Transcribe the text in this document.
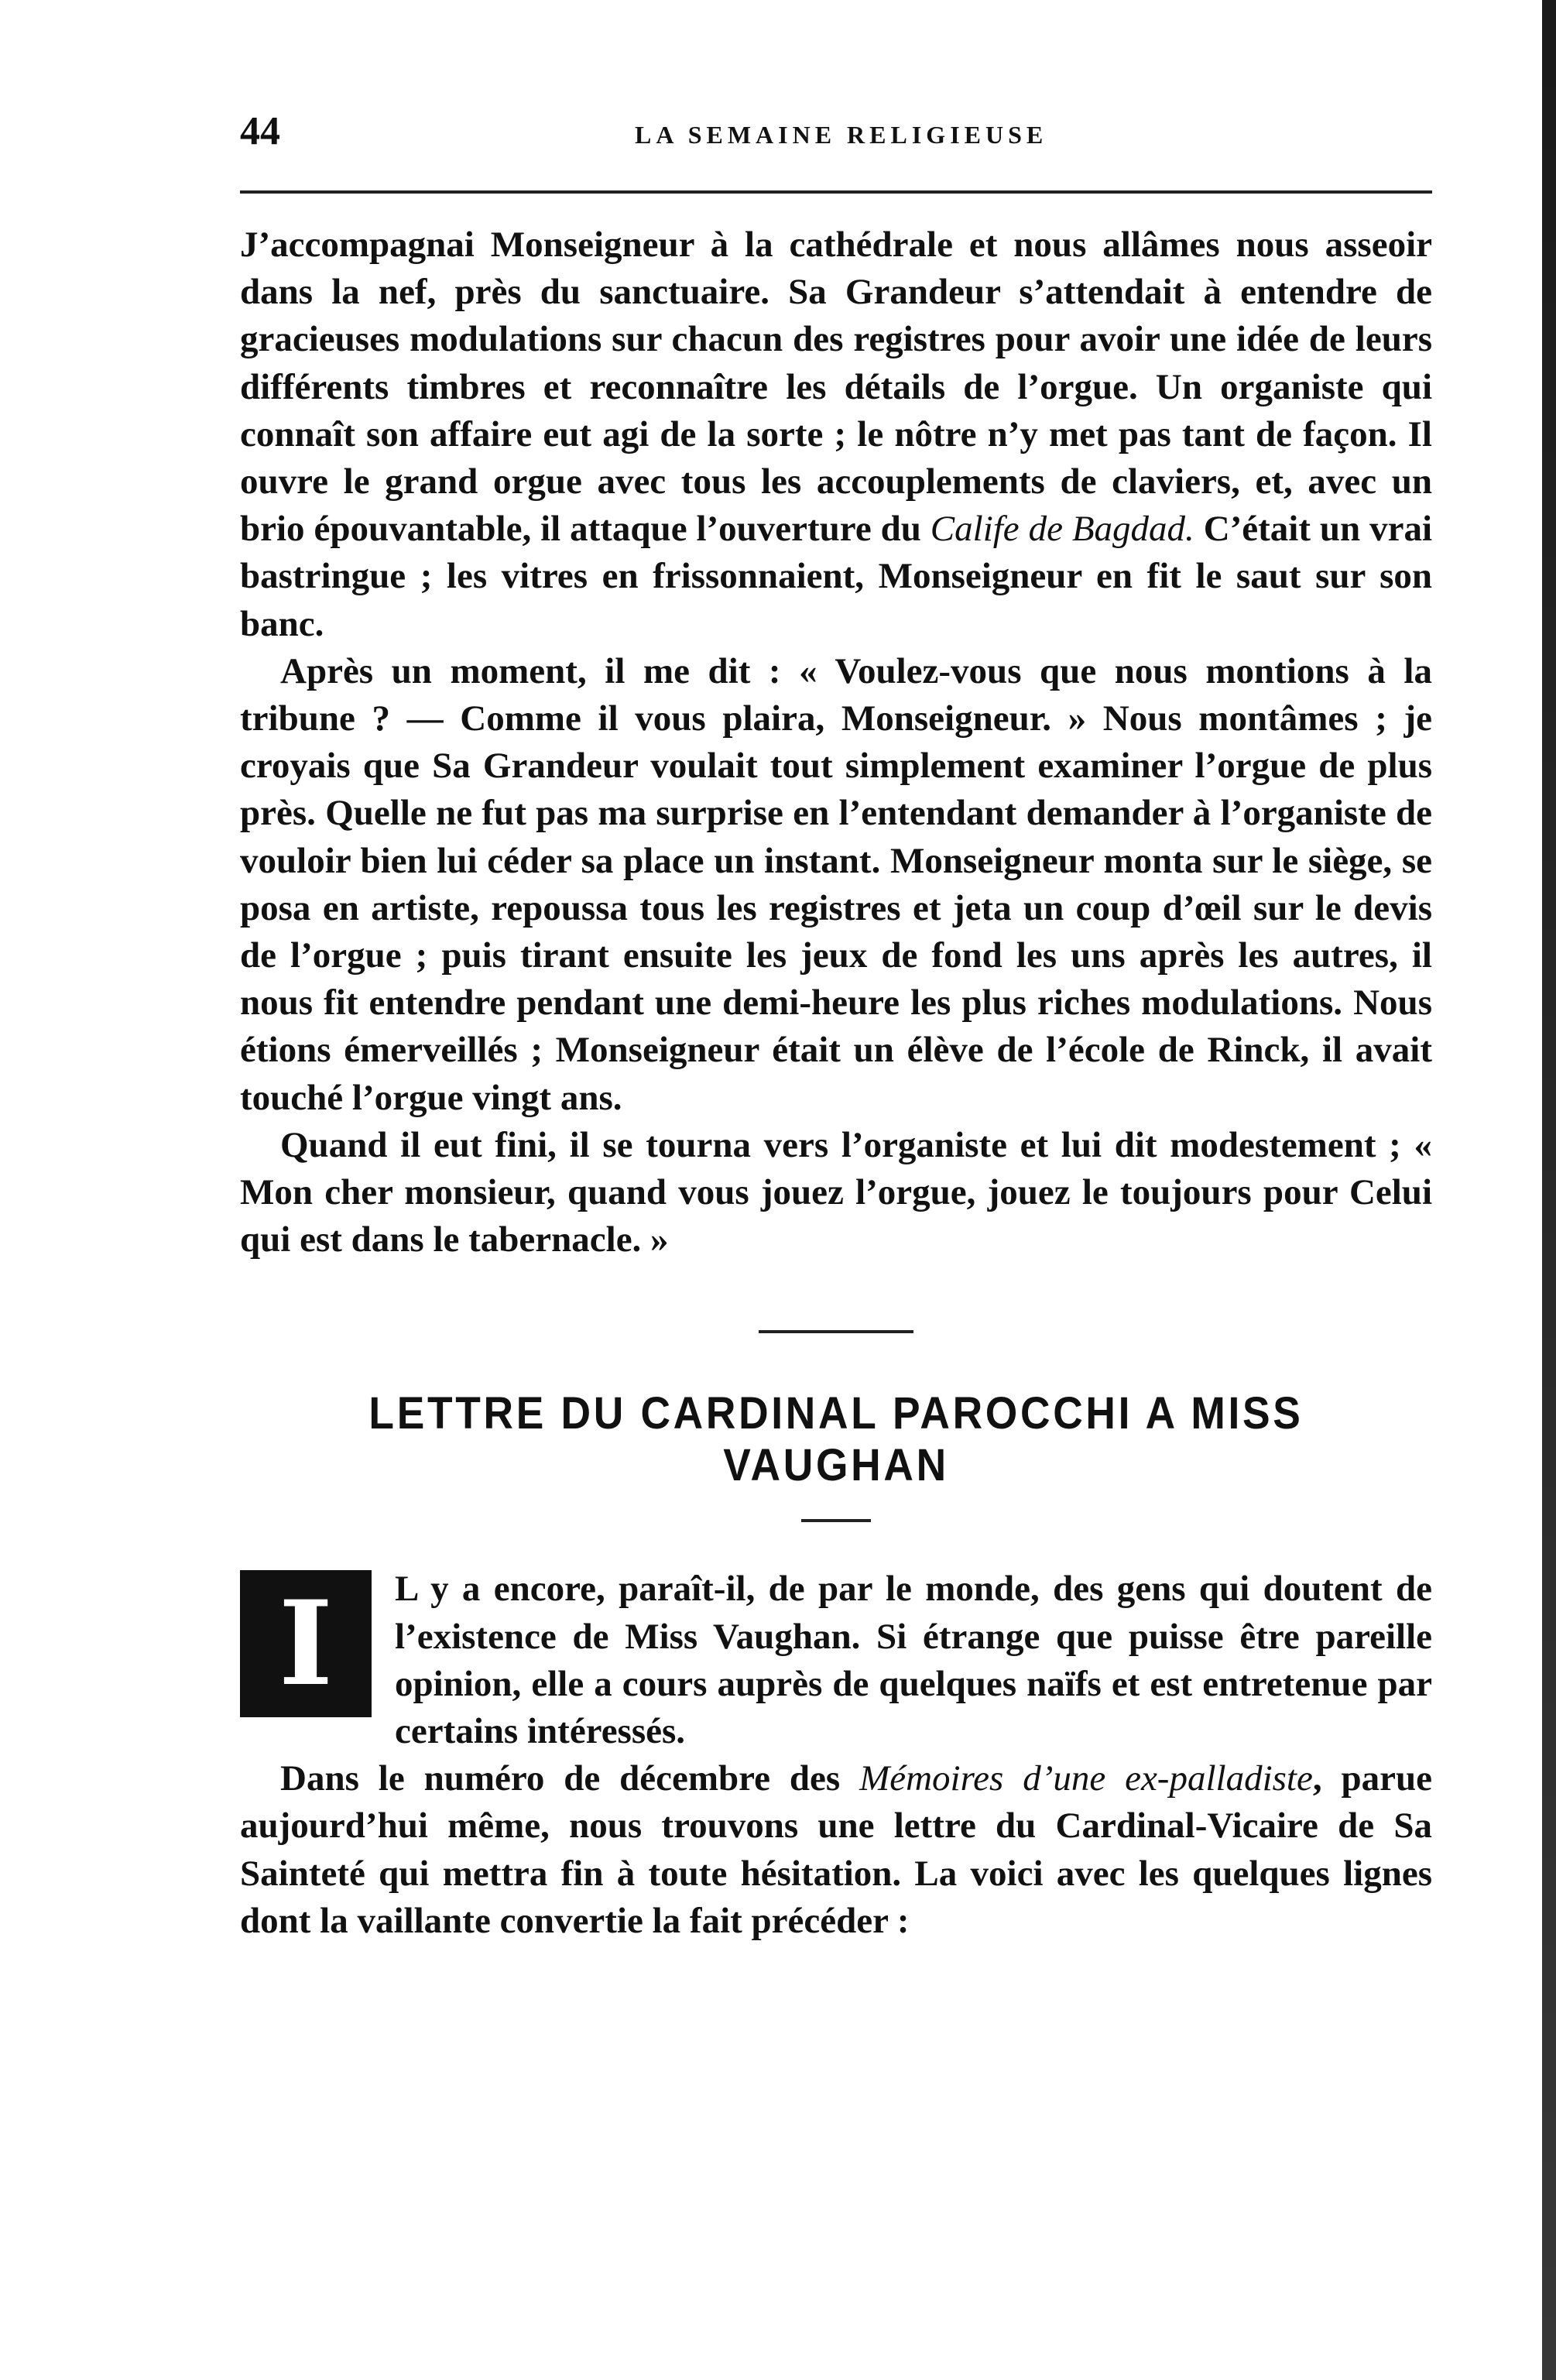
44	LA SEMAINE RELIGIEUSE

J’accompagnai Monseigneur à la cathédrale et nous allâmes nous asseoir dans la nef, près du sanctuaire. Sa Grandeur s’attendait à entendre de gracieuses modulations sur chacun des registres pour avoir une idée de leurs différents timbres et reconnaître les détails de l’orgue. Un organiste qui connaît son affaire eut agi de la sorte ; le nôtre n’y met pas tant de façon. Il ouvre le grand orgue avec tous les accouplements de claviers, et, avec un brio épouvantable, il attaque l’ouverture du Calife de Bagdad. C’était un vrai bastringue ; les vitres en frissonnaient, Monseigneur en fit le saut sur son banc.

Après un moment, il me dit : « Voulez-vous que nous montions à la tribune ? — Comme il vous plaira, Monseigneur. » Nous montâmes ; je croyais que Sa Grandeur voulait tout simplement examiner l’orgue de plus près. Quelle ne fut pas ma surprise en l’entendant demander à l’organiste de vouloir bien lui céder sa place un instant. Monseigneur monta sur le siège, se posa en artiste, repoussa tous les registres et jeta un coup d’œil sur le devis de l’orgue ; puis tirant ensuite les jeux de fond les uns après les autres, il nous fit entendre pendant une demi-heure les plus riches modulations. Nous étions émerveillés ; Monseigneur était un élève de l’école de Rinck, il avait touché l’orgue vingt ans.

Quand il eut fini, il se tourna vers l’organiste et lui dit modestement ; « Mon cher monsieur, quand vous jouez l’orgue, jouez le toujours pour Celui qui est dans le tabernacle. »

LETTRE DU CARDINAL PAROCCHI A MISS VAUGHAN
I	L y a encore, paraît-il, de par le monde, des gens qui doutent de l’existence de Miss Vaughan. Si étrange que puisse être pareille opinion, elle a cours auprès de quelques naïfs et est entretenue par certains intéressés.

Dans le numéro de décembre des Mémoires d’une ex-palladiste, parue aujourd’hui même, nous trouvons une lettre du Cardinal-Vicaire de Sa Sainteté qui mettra fin à toute hésitation. La voici avec les quelques lignes dont la vaillante convertie la fait précéder :
